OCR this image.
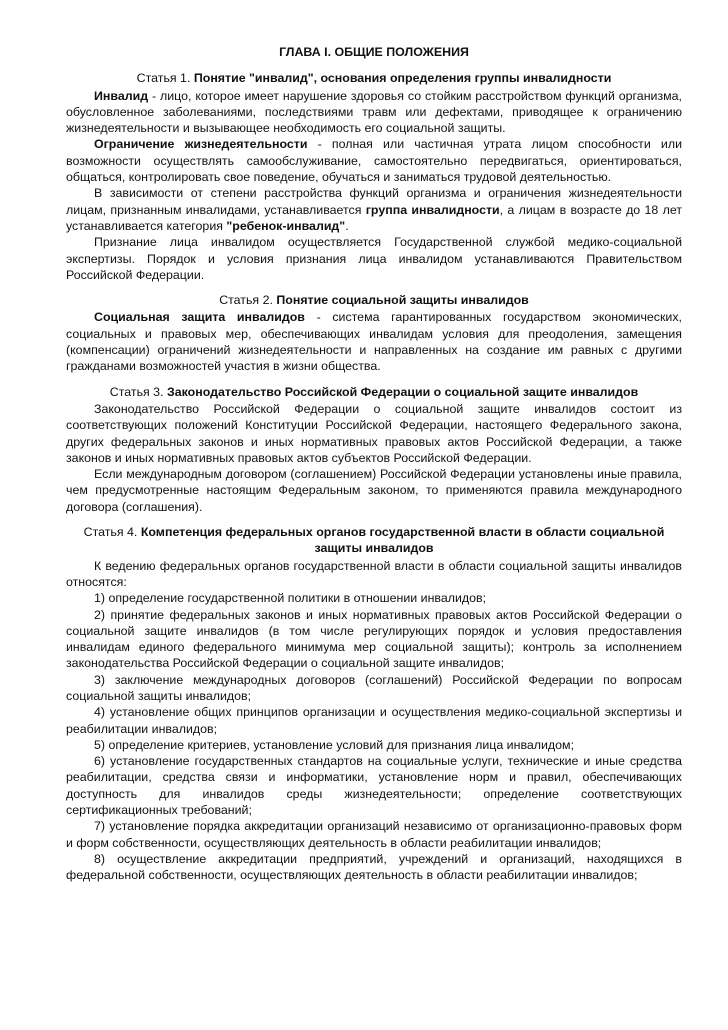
ГЛАВА I. ОБЩИЕ ПОЛОЖЕНИЯ

Статья 1. Понятие "инвалид", основания определения группы инвалидности

Инвалид - лицо, которое имеет нарушение здоровья со стойким расстройством функций организма, обусловленное заболеваниями, последствиями травм или дефектами, приводящее к ограничению жизнедеятельности и вызывающее необходимость его социальной защиты.

Ограничение жизнедеятельности - полная или частичная утрата лицом способности или возможности осуществлять самообслуживание, самостоятельно передвигаться, ориентироваться, общаться, контролировать свое поведение, обучаться и заниматься трудовой деятельностью.

В зависимости от степени расстройства функций организма и ограничения жизнедеятельности лицам, признанным инвалидами, устанавливается группа инвалидности, а лицам в возрасте до 18 лет устанавливается категория "ребенок-инвалид".

Признание лица инвалидом осуществляется Государственной службой медико-социальной экспертизы. Порядок и условия признания лица инвалидом устанавливаются Правительством Российской Федерации.

Статья 2. Понятие социальной защиты инвалидов

Социальная защита инвалидов - система гарантированных государством экономических, социальных и правовых мер, обеспечивающих инвалидам условия для преодоления, замещения (компенсации) ограничений жизнедеятельности и направленных на создание им равных с другими гражданами возможностей участия в жизни общества.

Статья 3. Законодательство Российской Федерации о социальной защите инвалидов

Законодательство Российской Федерации о социальной защите инвалидов состоит из соответствующих положений Конституции Российской Федерации, настоящего Федерального закона, других федеральных законов и иных нормативных правовых актов Российской Федерации, а также законов и иных нормативных правовых актов субъектов Российской Федерации.

Если международным договором (соглашением) Российской Федерации установлены иные правила, чем предусмотренные настоящим Федеральным законом, то применяются правила международного договора (соглашения).

Статья 4. Компетенция федеральных органов государственной власти в области социальной защиты инвалидов

К ведению федеральных органов государственной власти в области социальной защиты инвалидов относятся:

1) определение государственной политики в отношении инвалидов;

2) принятие федеральных законов и иных нормативных правовых актов Российской Федерации о социальной защите инвалидов (в том числе регулирующих порядок и условия предоставления инвалидам единого федерального минимума мер социальной защиты); контроль за исполнением законодательства Российской Федерации о социальной защите инвалидов;

3) заключение международных договоров (соглашений) Российской Федерации по вопросам социальной защиты инвалидов;

4) установление общих принципов организации и осуществления медико-социальной экспертизы и реабилитации инвалидов;

5) определение критериев, установление условий для признания лица инвалидом;

6) установление государственных стандартов на социальные услуги, технические и иные средства реабилитации, средства связи и информатики, установление норм и правил, обеспечивающих доступность для инвалидов среды жизнедеятельности; определение соответствующих сертификационных требований;

7) установление порядка аккредитации организаций независимо от организационно-правовых форм и форм собственности, осуществляющих деятельность в области реабилитации инвалидов;

8) осуществление аккредитации предприятий, учреждений и организаций, находящихся в федеральной собственности, осуществляющих деятельность в области реабилитации инвалидов;
